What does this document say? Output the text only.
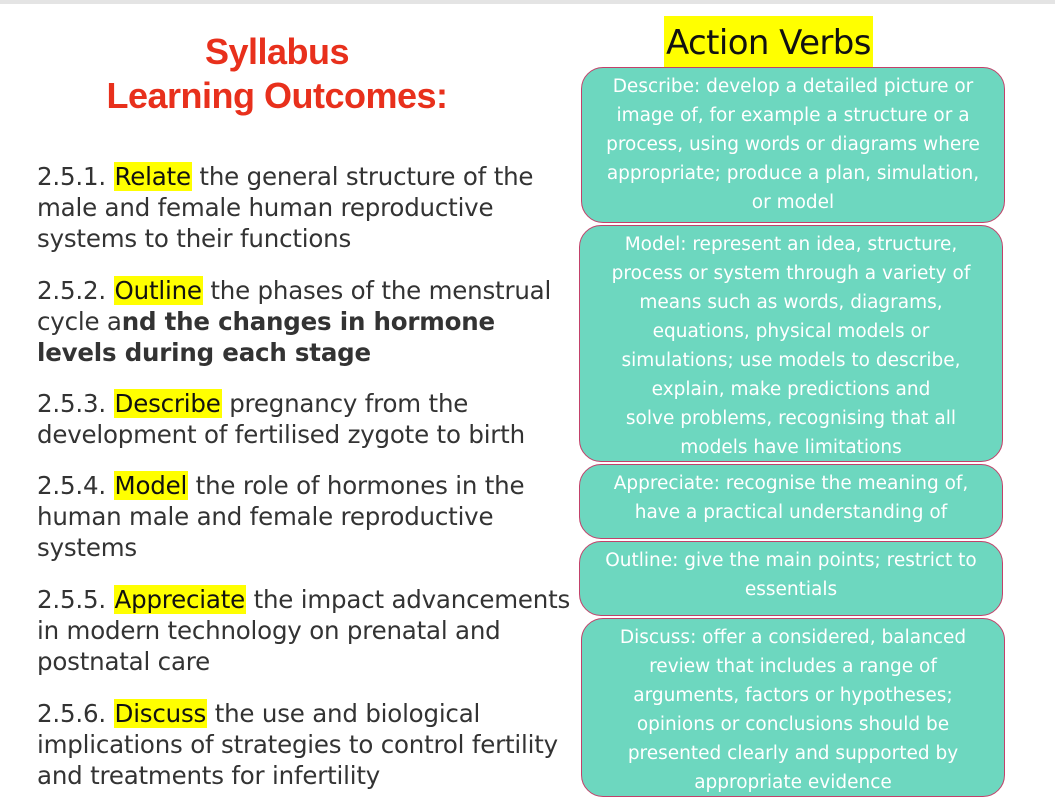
Syllabus
Learning Outcomes:
2.5.1. Relate the general structure of the male and female human reproductive systems to their functions
2.5.2. Outline the phases of the menstrual cycle and the changes in hormone levels during each stage
2.5.3. Describe pregnancy from the development of fertilised zygote to birth
2.5.4. Model the role of hormones in the human male and female reproductive systems
2.5.5. Appreciate the impact advancements in modern technology on prenatal and postnatal care
2.5.6. Discuss the use and biological implications of strategies to control fertility and treatments for infertility
Action Verbs
Describe: develop a detailed picture or
image of, for example a structure or a
process, using words or diagrams where
appropriate; produce a plan, simulation,
or model
Model: represent an idea, structure,
process or system through a variety of
means such as words, diagrams,
equations, physical models or
simulations; use models to describe,
explain, make predictions and
solve problems, recognising that all
models have limitations
Appreciate: recognise the meaning of,
have a practical understanding of
Outline: give the main points; restrict to
essentials
Discuss: offer a considered, balanced
review that includes a range of
arguments, factors or hypotheses;
opinions or conclusions should be
presented clearly and supported by
appropriate evidence
